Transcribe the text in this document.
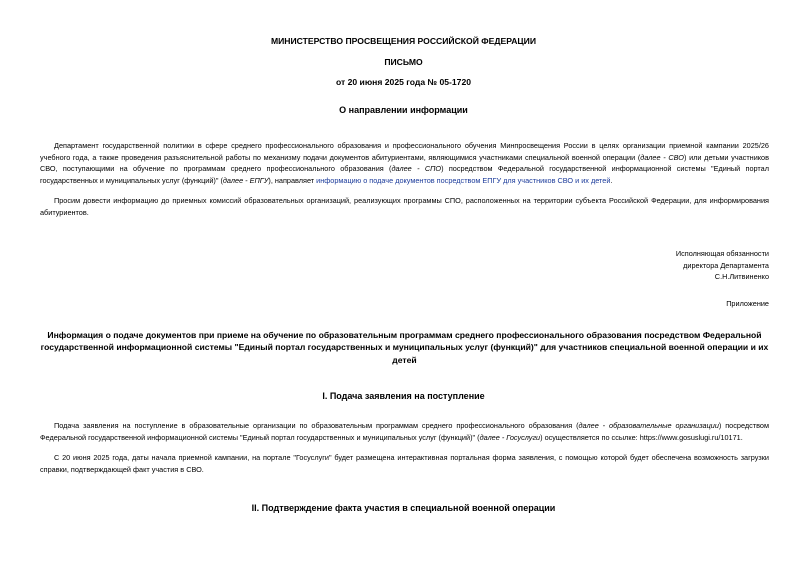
МИНИСТЕРСТВО ПРОСВЕЩЕНИЯ РОССИЙСКОЙ ФЕДЕРАЦИИ
ПИСЬМО
от 20 июня 2025 года № 05-1720
О направлении информации
Департамент государственной политики в сфере среднего профессионального образования и профессионального обучения Минпросвещения России в целях организации приемной кампании 2025/26 учебного года, а также проведения разъяснительной работы по механизму подачи документов абитуриентами, являющимися участниками специальной военной операции (далее - СВО) или детьми участников СВО, поступающими на обучение по программам среднего профессионального образования (далее - СПО) посредством Федеральной государственной информационной системы "Единый портал государственных и муниципальных услуг (функций)" (далее - ЕПГУ), направляет информацию о подаче документов посредством ЕПГУ для участников СВО и их детей.
Просим довести информацию до приемных комиссий образовательных организаций, реализующих программы СПО, расположенных на территории субъекта Российской Федерации, для информирования абитуриентов.
Исполняющая обязанности
директора Департамента
С.Н.Литвиненко
Приложение
Информация о подаче документов при приеме на обучение по образовательным программам среднего профессионального образования посредством Федеральной государственной информационной системы "Единый портал государственных и муниципальных услуг (функций)" для участников специальной военной операции и их детей
I. Подача заявления на поступление
Подача заявления на поступление в образовательные организации по образовательным программам среднего профессионального образования (далее - образовательные организации) посредством Федеральной государственной информационной системы "Единый портал государственных и муниципальных услуг (функций)" (далее - Госуслуги) осуществляется по ссылке: https://www.gosuslugi.ru/10171.
С 20 июня 2025 года, даты начала приемной кампании, на портале "Госуслуги" будет размещена интерактивная портальная форма заявления, с помощью которой будет обеспечена возможность загрузки справки, подтверждающей факт участия в СВО.
II. Подтверждение факта участия в специальной военной операции
